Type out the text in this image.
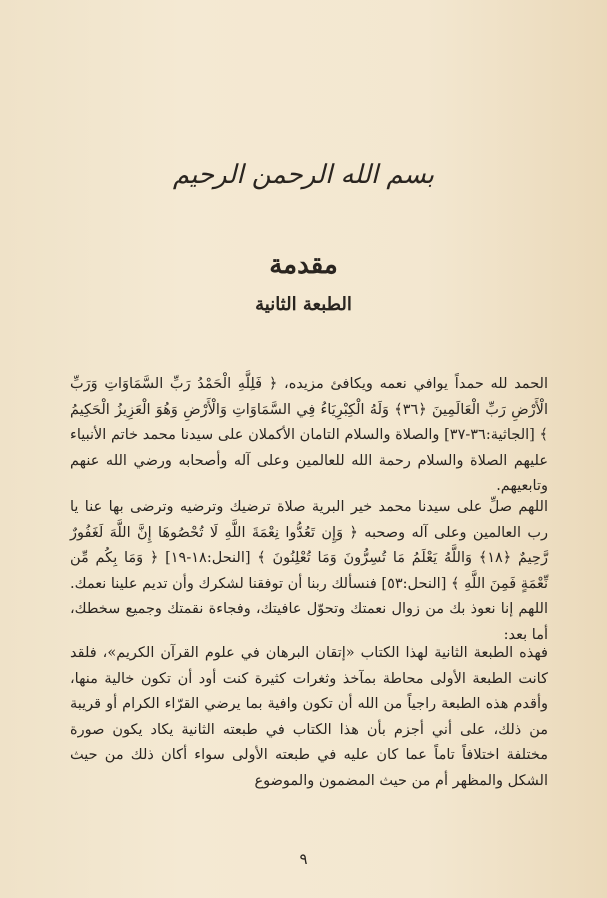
بسم الله الرحمن الرحيم
مقدمة
الطبعة الثانية
الحمد لله حمداً يوافي نعمه ويكافئ مزيده، ﴿ فَلِلَّهِ الْحَمْدُ رَبِّ السَّمَاوَاتِ وَرَبِّ الْأَرْضِ رَبِّ الْعَالَمِينَ ﴿٣٦﴾ وَلَهُ الْكِبْرِيَاءُ فِي السَّمَاوَاتِ وَالْأَرْضِ وَهُوَ الْعَزِيزُ الْحَكِيمُ ﴾ [الجاثية:٣٦-٣٧] والصلاة والسلام التامان الأكملان على سيدنا محمد خاتم الأنبياء عليهم الصلاة والسلام رحمة الله للعالمين وعلى آله وأصحابه ورضي الله عنهم وتابعيهم.
اللهم صلِّ على سيدنا محمد خير البرية صلاة ترضيك وترضيه وترضى بها عنا يا رب العالمين وعلى آله وصحبه ﴿ وَإِن تَعُدُّوا نِعْمَةَ اللَّهِ لَا تُحْصُوهَا إِنَّ اللَّهَ لَغَفُورٌ رَّحِيمٌ ﴿١٨﴾ وَاللَّهُ يَعْلَمُ مَا تُسِرُّونَ وَمَا تُعْلِنُونَ ﴾ [النحل:١٨-١٩] ﴿ وَمَا بِكُم مِّن نِّعْمَةٍ فَمِنَ اللَّهِ ﴾ [النحل:٥٣] فنسألك ربنا أن توفقنا لشكرك وأن تديم علينا نعمك. اللهم إنا نعوذ بك من زوال نعمتك وتحوّل عافيتك، وفجاءة نقمتك وجميع سخطك، أما بعد:
فهذه الطبعة الثانية لهذا الكتاب «إتقان البرهان في علوم القرآن الكريم»، فلقد كانت الطبعة الأولى محاطة بمآخذ وثغرات كثيرة كنت أود أن تكون خالية منها، وأقدم هذه الطبعة راجياً من الله أن تكون وافية بما يرضي القرّاء الكرام أو قريبة من ذلك، على أني أجزم بأن هذا الكتاب في طبعته الثانية يكاد يكون صورة مختلفة اختلافاً تاماً عما كان عليه في طبعته الأولى سواء أكان ذلك من حيث الشكل والمظهر أم من حيث المضمون والموضوع
٩
